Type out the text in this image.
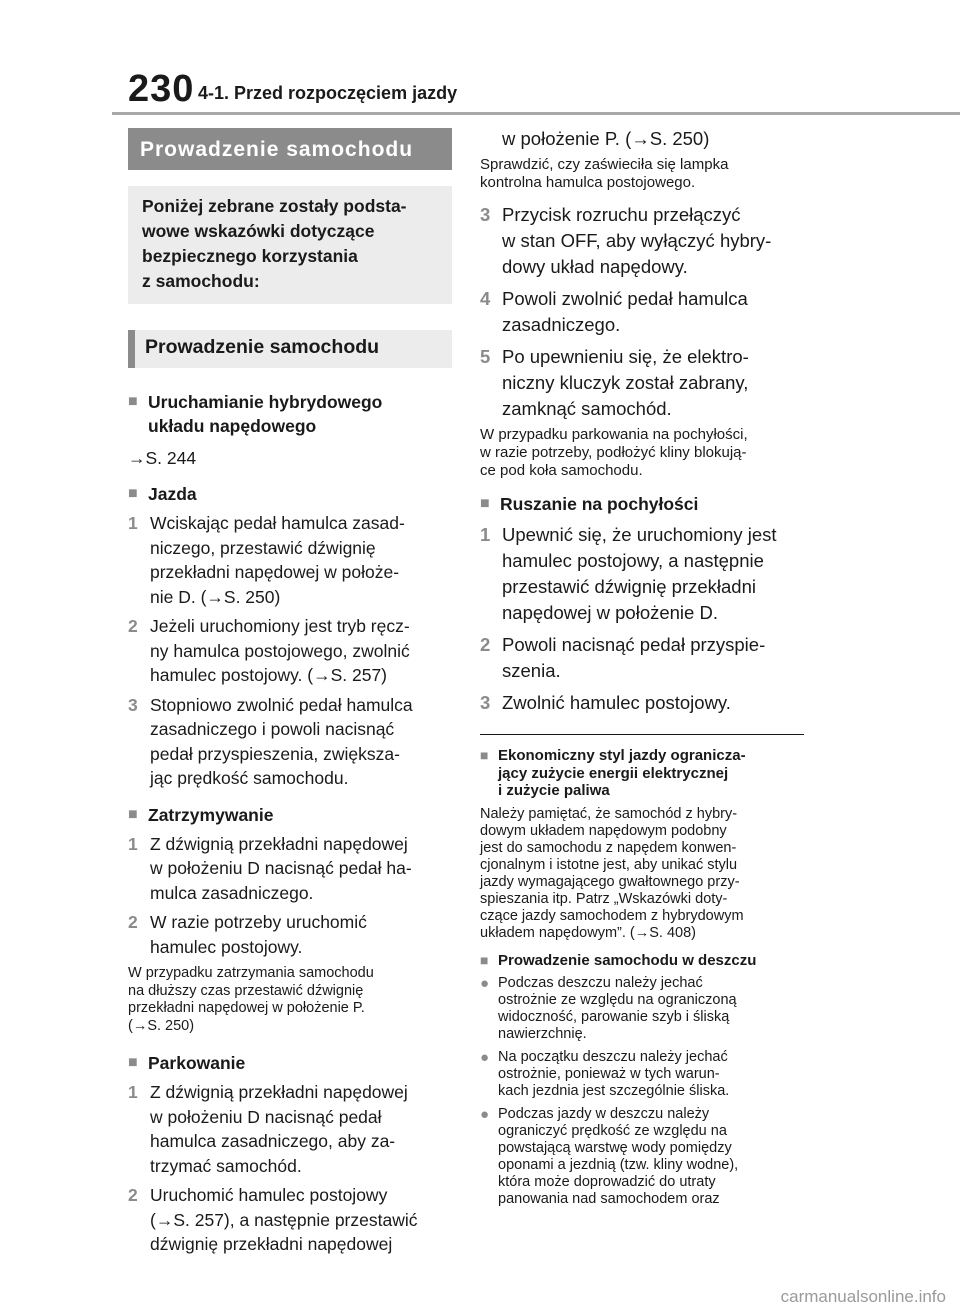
230 4-1. Przed rozpoczęciem jazdy
Prowadzenie samochodu
Poniżej zebrane zostały podsta-
wowe wskazówki dotyczące
bezpiecznego korzystania
z samochodu:
Prowadzenie samochodu
■ Uruchamianie hybrydowego
układu napędowego
→S. 244
■ Jazda
1 Wciskając pedał hamulca zasad-
niczego, przestawić dźwignię
przekładni napędowej w położe-
nie D. (→S. 250)
2 Jeżeli uruchomiony jest tryb ręcz-
ny hamulca postojowego, zwolnić
hamulec postojowy. (→S. 257)
3 Stopniowo zwolnić pedał hamulca
zasadniczego i powoli nacisnąć
pedał przyspieszenia, zwiększa-
jąc prędkość samochodu.
■ Zatrzymywanie
1 Z dźwignią przekładni napędowej
w położeniu D nacisnąć pedał ha-
mulca zasadniczego.
2 W razie potrzeby uruchomić
hamulec postojowy.
W przypadku zatrzymania samochodu
na dłuższy czas przestawić dźwignię
przekładni napędowej w położenie P.
(→S. 250)
■ Parkowanie
1 Z dźwignią przekładni napędowej
w położeniu D nacisnąć pedał
hamulca zasadniczego, aby za-
trzymać samochód.
2 Uruchomić hamulec postojowy
(→S. 257), a następnie przestawić
dźwignię przekładni napędowej
w położenie P. (→S. 250)
Sprawdzić, czy zaświeciła się lampka
kontrolna hamulca postojowego.
3 Przycisk rozruchu przełączyć
w stan OFF, aby wyłączyć hybry-
dowy układ napędowy.
4 Powoli zwolnić pedał hamulca
zasadniczego.
5 Po upewnieniu się, że elektro-
niczny kluczyk został zabrany,
zamknąć samochód.
W przypadku parkowania na pochyłości,
w razie potrzeby, podłożyć kliny blokują-
ce pod koła samochodu.
■ Ruszanie na pochyłości
1 Upewnić się, że uruchomiony jest
hamulec postojowy, a następnie
przestawić dźwignię przekładni
napędowej w położenie D.
2 Powoli nacisnąć pedał przyspie-
szenia.
3 Zwolnić hamulec postojowy.
■ Ekonomiczny styl jazdy ogranicza-
jący zużycie energii elektrycznej
i zużycie paliwa
Należy pamiętać, że samochód z hybry-
dowym układem napędowym podobny
jest do samochodu z napędem konwen-
cjonalnym i istotne jest, aby unikać stylu
jazdy wymagającego gwałtownego przy-
spieszania itp. Patrz „Wskazówki doty-
czące jazdy samochodem z hybrydowym
układem napędowym”. (→S. 408)
■ Prowadzenie samochodu w deszczu
● Podczas deszczu należy jechać
ostrożnie ze względu na ograniczoną
widoczność, parowanie szyb i śliską
nawierzchnię.
● Na początku deszczu należy jechać
ostrożnie, ponieważ w tych warun-
kach jezdnia jest szczególnie śliska.
● Podczas jazdy w deszczu należy
ograniczyć prędkość ze względu na
powstającą warstwę wody pomiędzy
oponami a jezdnią (tzw. kliny wodne),
która może doprowadzić do utraty
panowania nad samochodem oraz
carmanualsonline.info
